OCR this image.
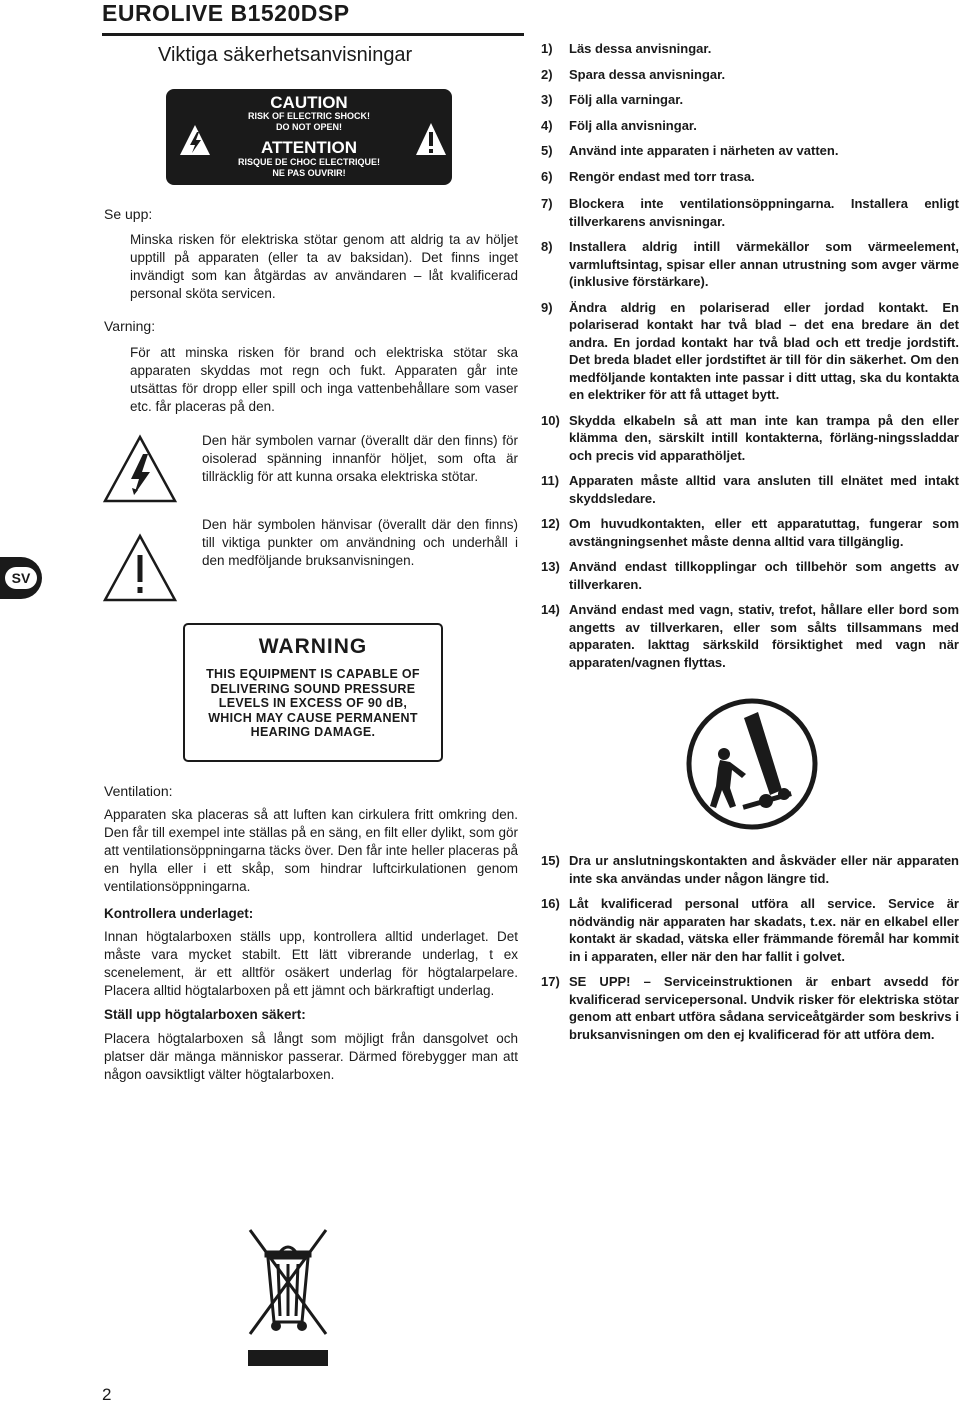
EUROLIVE B1520DSP
Viktiga säkerhetsanvisningar
CAUTION
RISK OF ELECTRIC SHOCK!
DO NOT OPEN!
ATTENTION
RISQUE DE CHOC ELECTRIQUE!
NE PAS OUVRIR!
Se upp:
Minska risken för elektriska stötar genom att aldrig ta av höljet upptill på apparaten (eller ta av baksidan). Det finns inget invändigt som kan åtgärdas av användaren – låt kvalificerad personal sköta servicen.
Varning:
För att minska risken för brand och elektriska stötar ska apparaten skyddas mot regn och fukt. Apparaten går inte utsättas för dropp eller spill och inga vattenbehållare som vaser etc. får placeras på den.
Den här symbolen varnar (överallt där den finns) för oisolerad spänning innanför höljet, som ofta är tillräcklig för att kunna orsaka elektriska stötar.
Den här symbolen hänvisar (överallt där den finns) till viktiga punkter om användning och underhåll i den medföljande bruksanvisningen.
SV
WARNING
THIS EQUIPMENT IS CAPABLE OF DELIVERING SOUND PRESSURE LEVELS IN EXCESS OF 90 dB, WHICH MAY CAUSE PERMANENT HEARING DAMAGE.
Ventilation:
Apparaten ska placeras så att luften kan cirkulera fritt omkring den. Den får till exempel inte ställas på en säng, en filt eller dylikt, som gör att ventilationsöppningarna täcks över. Den får inte heller placeras på en hylla eller i ett skåp, som hindrar luftcirkulationen genom ventilationsöppningarna.
Kontrollera underlaget:
Innan högtalarboxen ställs upp, kontrollera alltid underlaget. Det måste vara mycket stabilt. Ett lätt vibrerande underlag, t ex scenelement, är ett alltför osäkert underlag för högtalarpelare. Placera alltid högtalarboxen på ett jämnt och bärkraftigt underlag.
Ställ upp högtalarboxen säkert:
Placera högtalarboxen så långt som möjligt från dansgolvet och platser där mänga människor passerar. Därmed förebygger man att någon oavsiktligt välter högtalarboxen.
1)	Läs dessa anvisningar.
2)	Spara dessa anvisningar.
3)	Följ alla varningar.
4)	Följ alla anvisningar.
5)	Använd inte apparaten i närheten av vatten.
6)	Rengör endast med torr trasa.
7)	Blockera inte ventilationsöppningarna. Installera enligt tillverkarens anvisningar.
8)	Installera aldrig intill värmekällor som värmeelement, varmluftsintag, spisar eller annan utrustning som avger värme (inklusive förstärkare).
9)	Ändra aldrig en polariserad eller jordad kontakt. En polariserad kontakt har två blad – det ena bredare än det andra. En jordad kontakt har två blad och ett tredje jordstift. Det breda bladet eller jordstiftet är till för din säkerhet. Om den medföljande kontakten inte passar i ditt uttag, ska du kontakta en elektriker för att få uttaget bytt.
10) Skydda elkabeln så att man inte kan trampa på den eller klämma den, särskilt intill kontakterna, förläng-ningssladdar och precis vid apparathöljet.
11) Apparaten måste alltid vara ansluten till elnätet med intakt skyddsledare.
12) Om huvudkontakten, eller ett apparatuttag, fungerar som avstängningsenhet måste denna alltid vara tillgänglig.
13) Använd endast tillkopplingar och tillbehör som angetts av tillverkaren.
14) Använd endast med vagn, stativ, trefot, hållare eller bord som angetts av tillverkaren, eller som sålts tillsammans med apparaten. lakttag särkskild försiktighet med vagn när apparaten/vagnen flyttas.
15) Dra ur anslutningskontakten and åskväder eller när apparaten inte ska användas under någon längre tid.
16) Låt kvalificerad personal utföra all service. Service är nödvändig när apparaten har skadats, t.ex. när en elkabel eller kontakt är skadad, vätska eller främmande föremål har kommit in i apparaten, eller när den har fallit i golvet.
17) SE UPP! – Serviceinstruktionen är enbart avsedd för kvalificerad servicepersonal. Undvik risker för elektriska stötar genom att enbart utföra sådana serviceåtgärder som beskrivs i bruksanvisningen om den ej kvalificerad för att utföra dem.
2
